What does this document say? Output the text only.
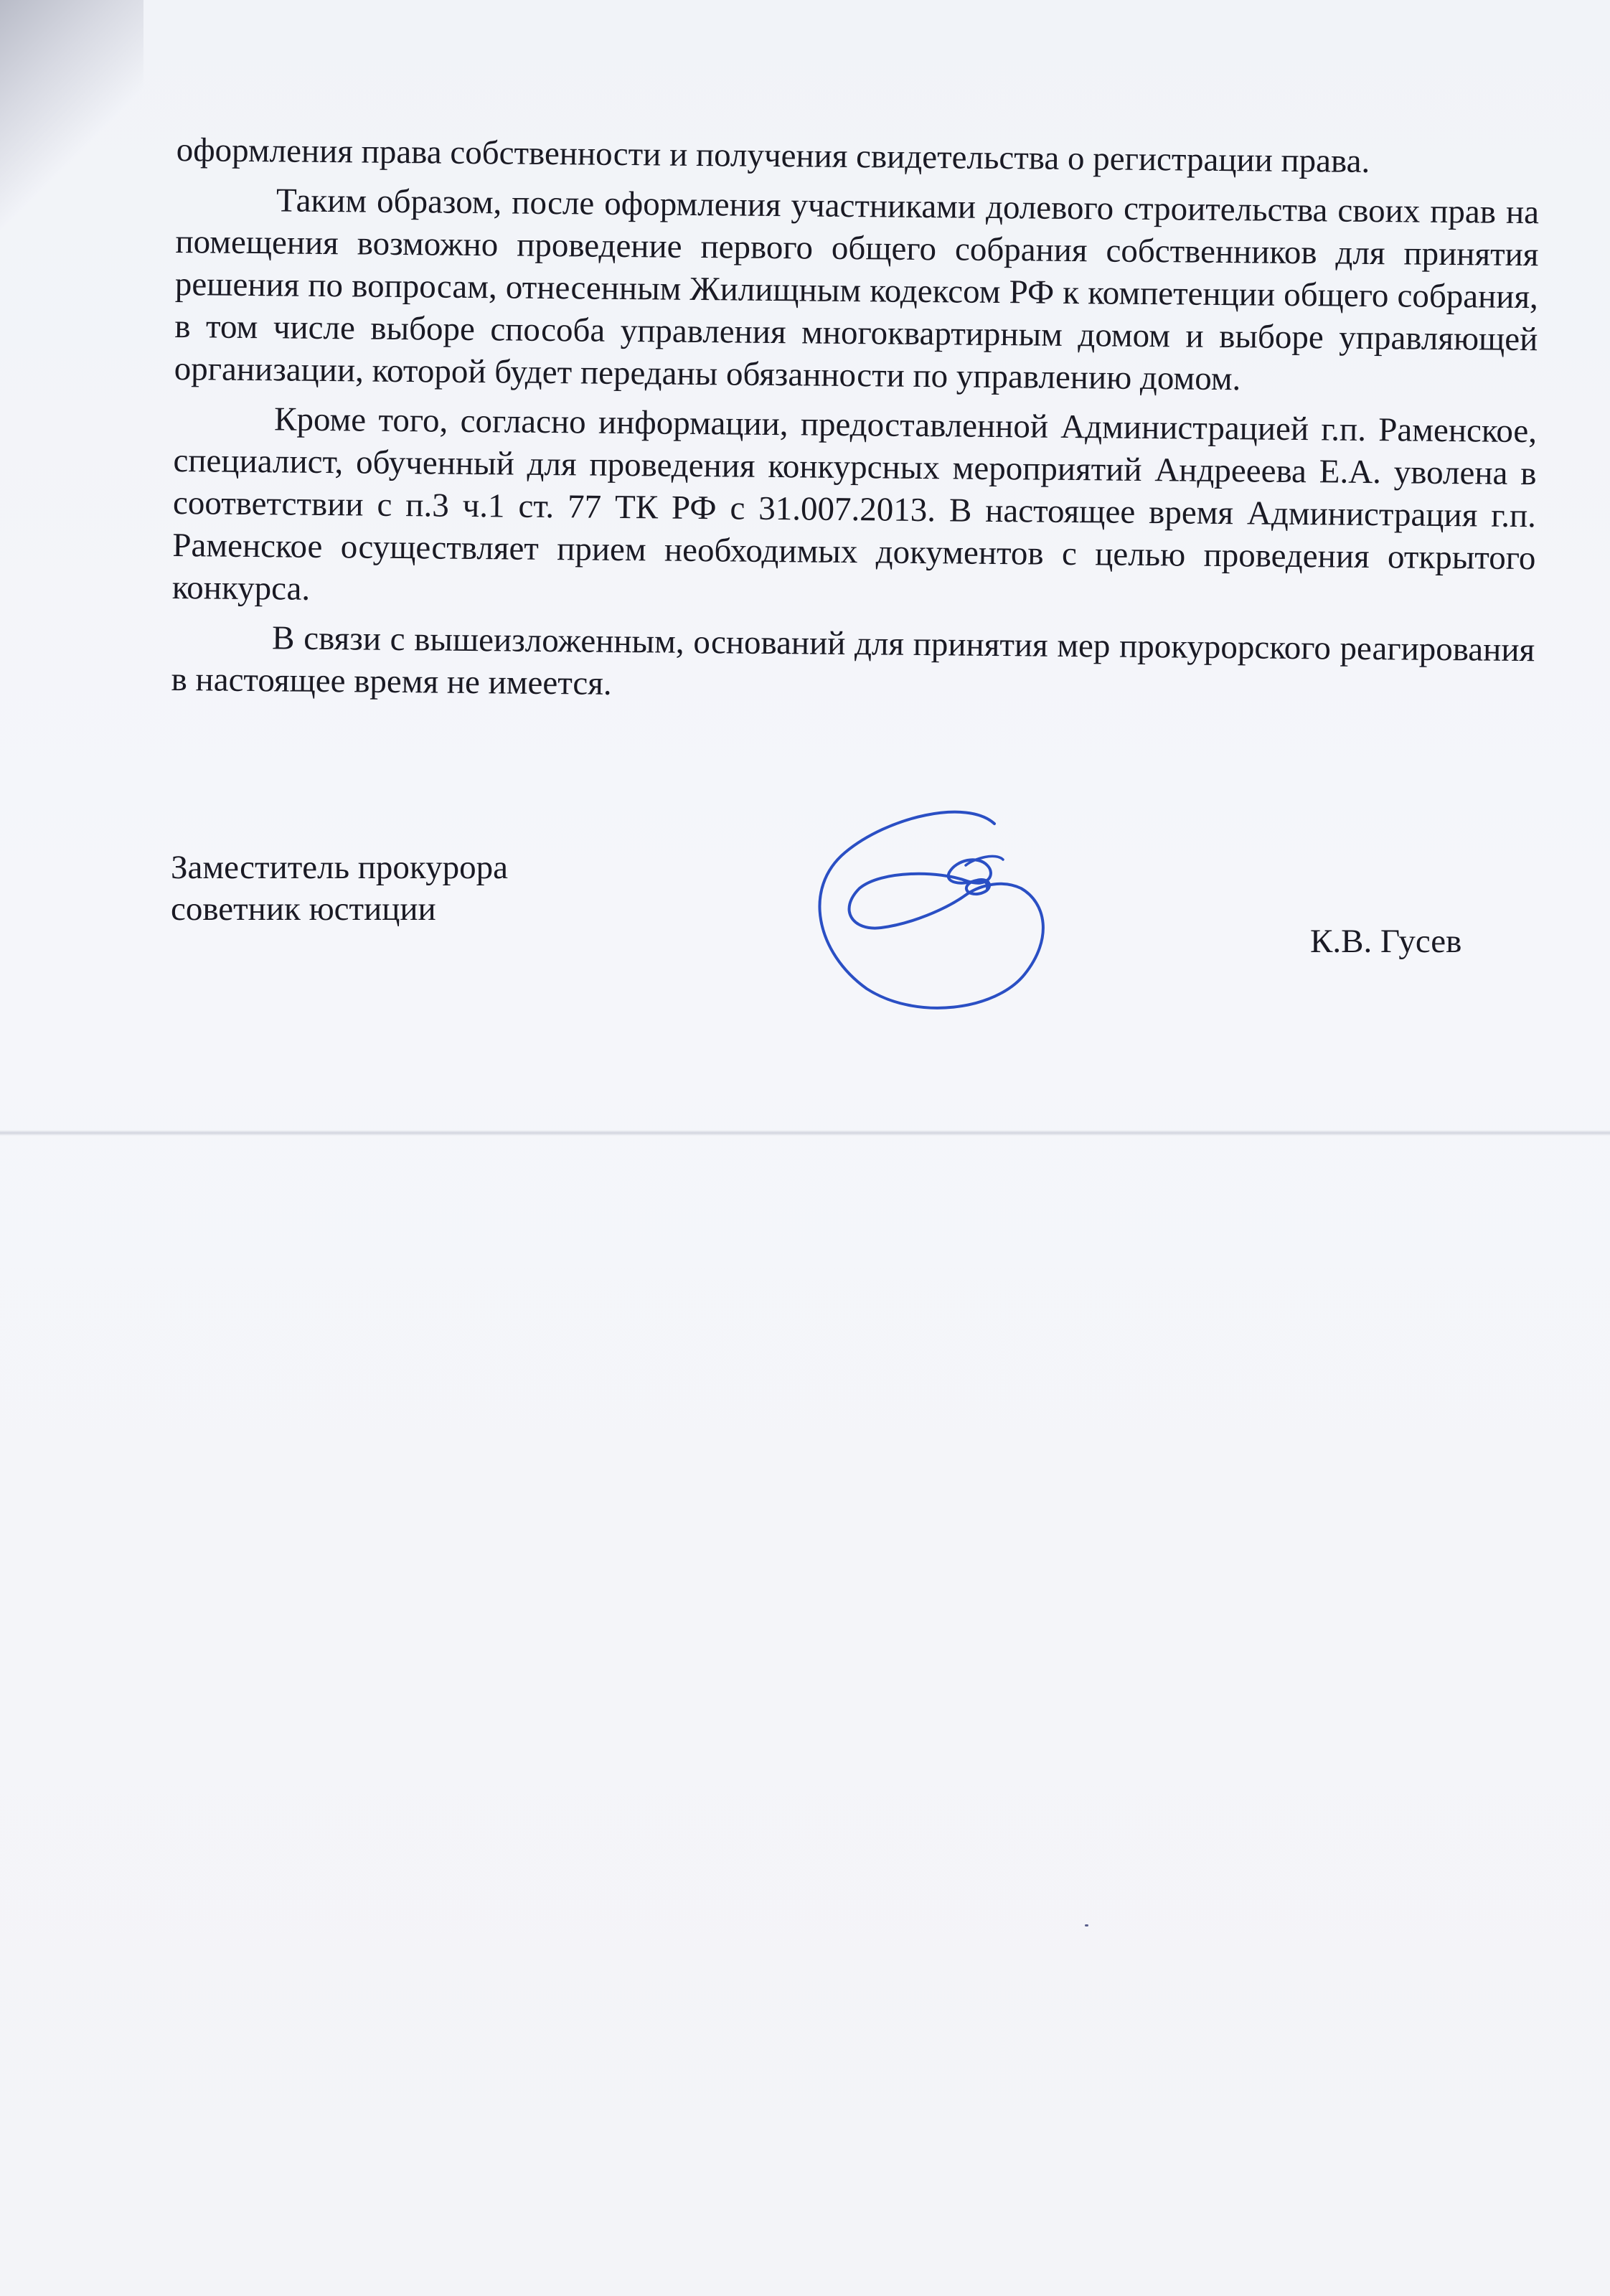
оформления права собственности и получения свидетельства о регистрации права.

Таким образом, после оформления участниками долевого строительства своих прав на помещения возможно проведение первого общего собрания собственников для принятия решения по вопросам, отнесенным Жилищным кодексом РФ к компетенции общего собрания, в том числе выборе способа управления многоквартирным домом и выборе управляющей организации, которой будет переданы обязанности по управлению домом.

Кроме того, согласно информации, предоставленной Администрацией г.п. Раменское, специалист, обученный для проведения конкурсных мероприятий Андрееева Е.А. уволена в соответствии с п.3 ч.1 ст. 77 ТК РФ с 31.007.2013. В настоящее время Администрация г.п. Раменское осуществляет прием необходимых документов с целью проведения открытого конкурса.

В связи с вышеизложенным, оснований для принятия мер прокурорского реагирования в настоящее время не имеется.

Заместитель прокурора
советник юстиции
К.В. Гусев
